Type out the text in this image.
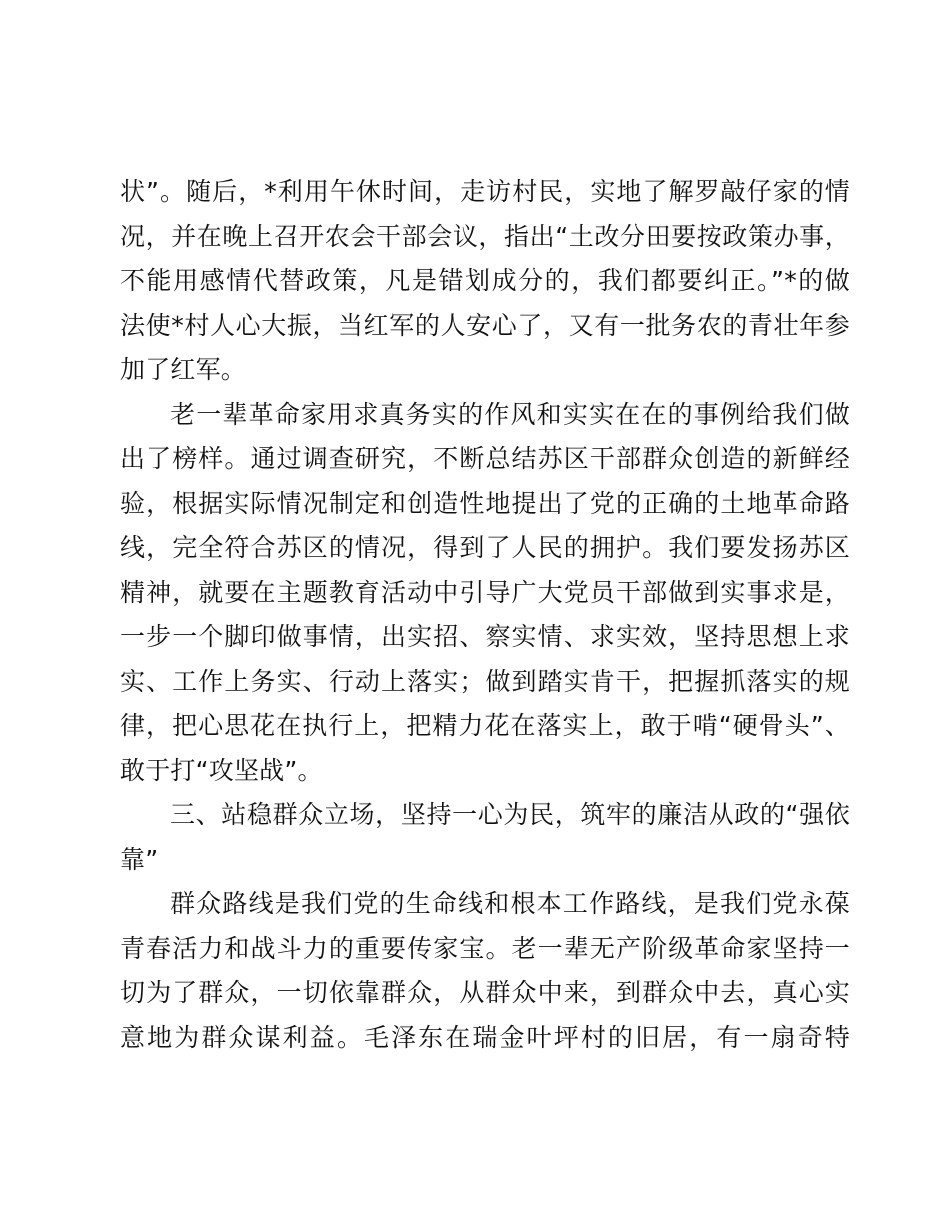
状”。随后，*利用午休时间，走访村民，实地了解罗敲仔家的情
况，并在晚上召开农会干部会议，指出“土改分田要按政策办事，
不能用感情代替政策，凡是错划成分的，我们都要纠正。”*的做
法使*村人心大振，当红军的人安心了，又有一批务农的青壮年参
加了红军。
老一辈革命家用求真务实的作风和实实在在的事例给我们做
出了榜样。通过调查研究，不断总结苏区干部群众创造的新鲜经
验，根据实际情况制定和创造性地提出了党的正确的土地革命路
线，完全符合苏区的情况，得到了人民的拥护。我们要发扬苏区
精神，就要在主题教育活动中引导广大党员干部做到实事求是，
一步一个脚印做事情，出实招、察实情、求实效，坚持思想上求
实、工作上务实、行动上落实；做到踏实肯干，把握抓落实的规
律，把心思花在执行上，把精力花在落实上，敢于啃“硬骨头”、
敢于打“攻坚战”。
三、站稳群众立场，坚持一心为民，筑牢的廉洁从政的“强依
靠”
群众路线是我们党的生命线和根本工作路线，是我们党永葆
青春活力和战斗力的重要传家宝。老一辈无产阶级革命家坚持一
切为了群众，一切依靠群众，从群众中来，到群众中去，真心实
意地为群众谋利益。毛泽东在瑞金叶坪村的旧居，有一扇奇特
